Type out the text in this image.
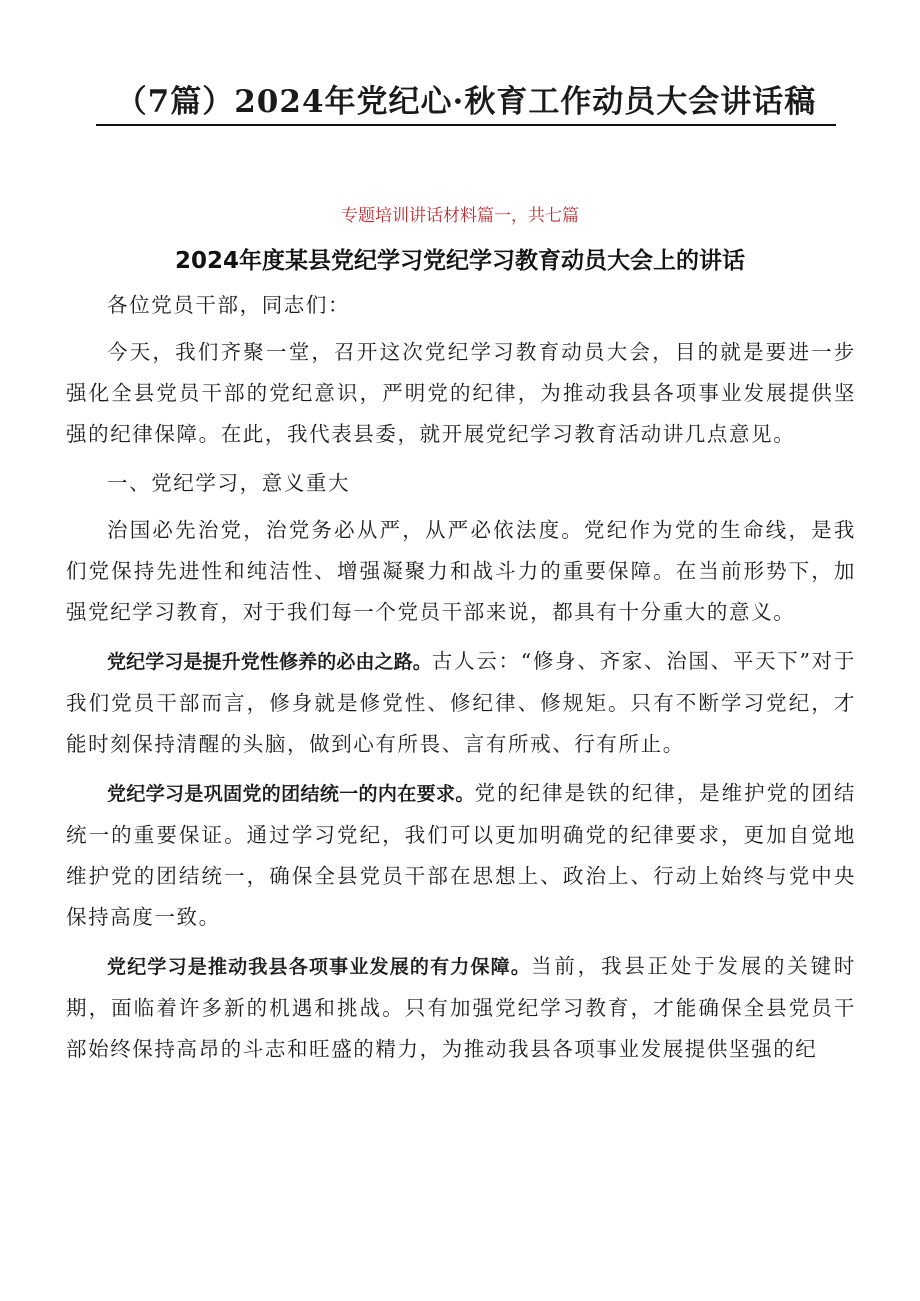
（7篇）2024年党纪心·秋育工作动员大会讲话稿
专题培训讲话材料篇一，共七篇
2024年度某县党纪学习党纪学习教育动员大会上的讲话

各位党员干部，同志们：

今天，我们齐聚一堂，召开这次党纪学习教育动员大会，目的就是要进一步强化全县党员干部的党纪意识，严明党的纪律，为推动我县各项事业发展提供坚强的纪律保障。在此，我代表县委，就开展党纪学习教育活动讲几点意见。

一、党纪学习，意义重大

治国必先治党，治党务必从严，从严必依法度。党纪作为党的生命线，是我们党保持先进性和纯洁性、增强凝聚力和战斗力的重要保障。在当前形势下，加强党纪学习教育，对于我们每一个党员干部来说，都具有十分重大的意义。

党纪学习是提升党性修养的必由之路。古人云：“修身、齐家、治国、平天下”对于我们党员干部而言，修身就是修党性、修纪律、修规矩。只有不断学习党纪，才能时刻保持清醒的头脑，做到心有所畏、言有所戒、行有所止。

党纪学习是巩固党的团结统一的内在要求。党的纪律是铁的纪律，是维护党的团结统一的重要保证。通过学习党纪，我们可以更加明确党的纪律要求，更加自觉地维护党的团结统一，确保全县党员干部在思想上、政治上、行动上始终与党中央保持高度一致。

党纪学习是推动我县各项事业发展的有力保障。当前，我县正处于发展的关键时期，面临着许多新的机遇和挑战。只有加强党纪学习教育，才能确保全县党员干部始终保持高昂的斗志和旺盛的精力，为推动我县各项事业发展提供坚强的纪
